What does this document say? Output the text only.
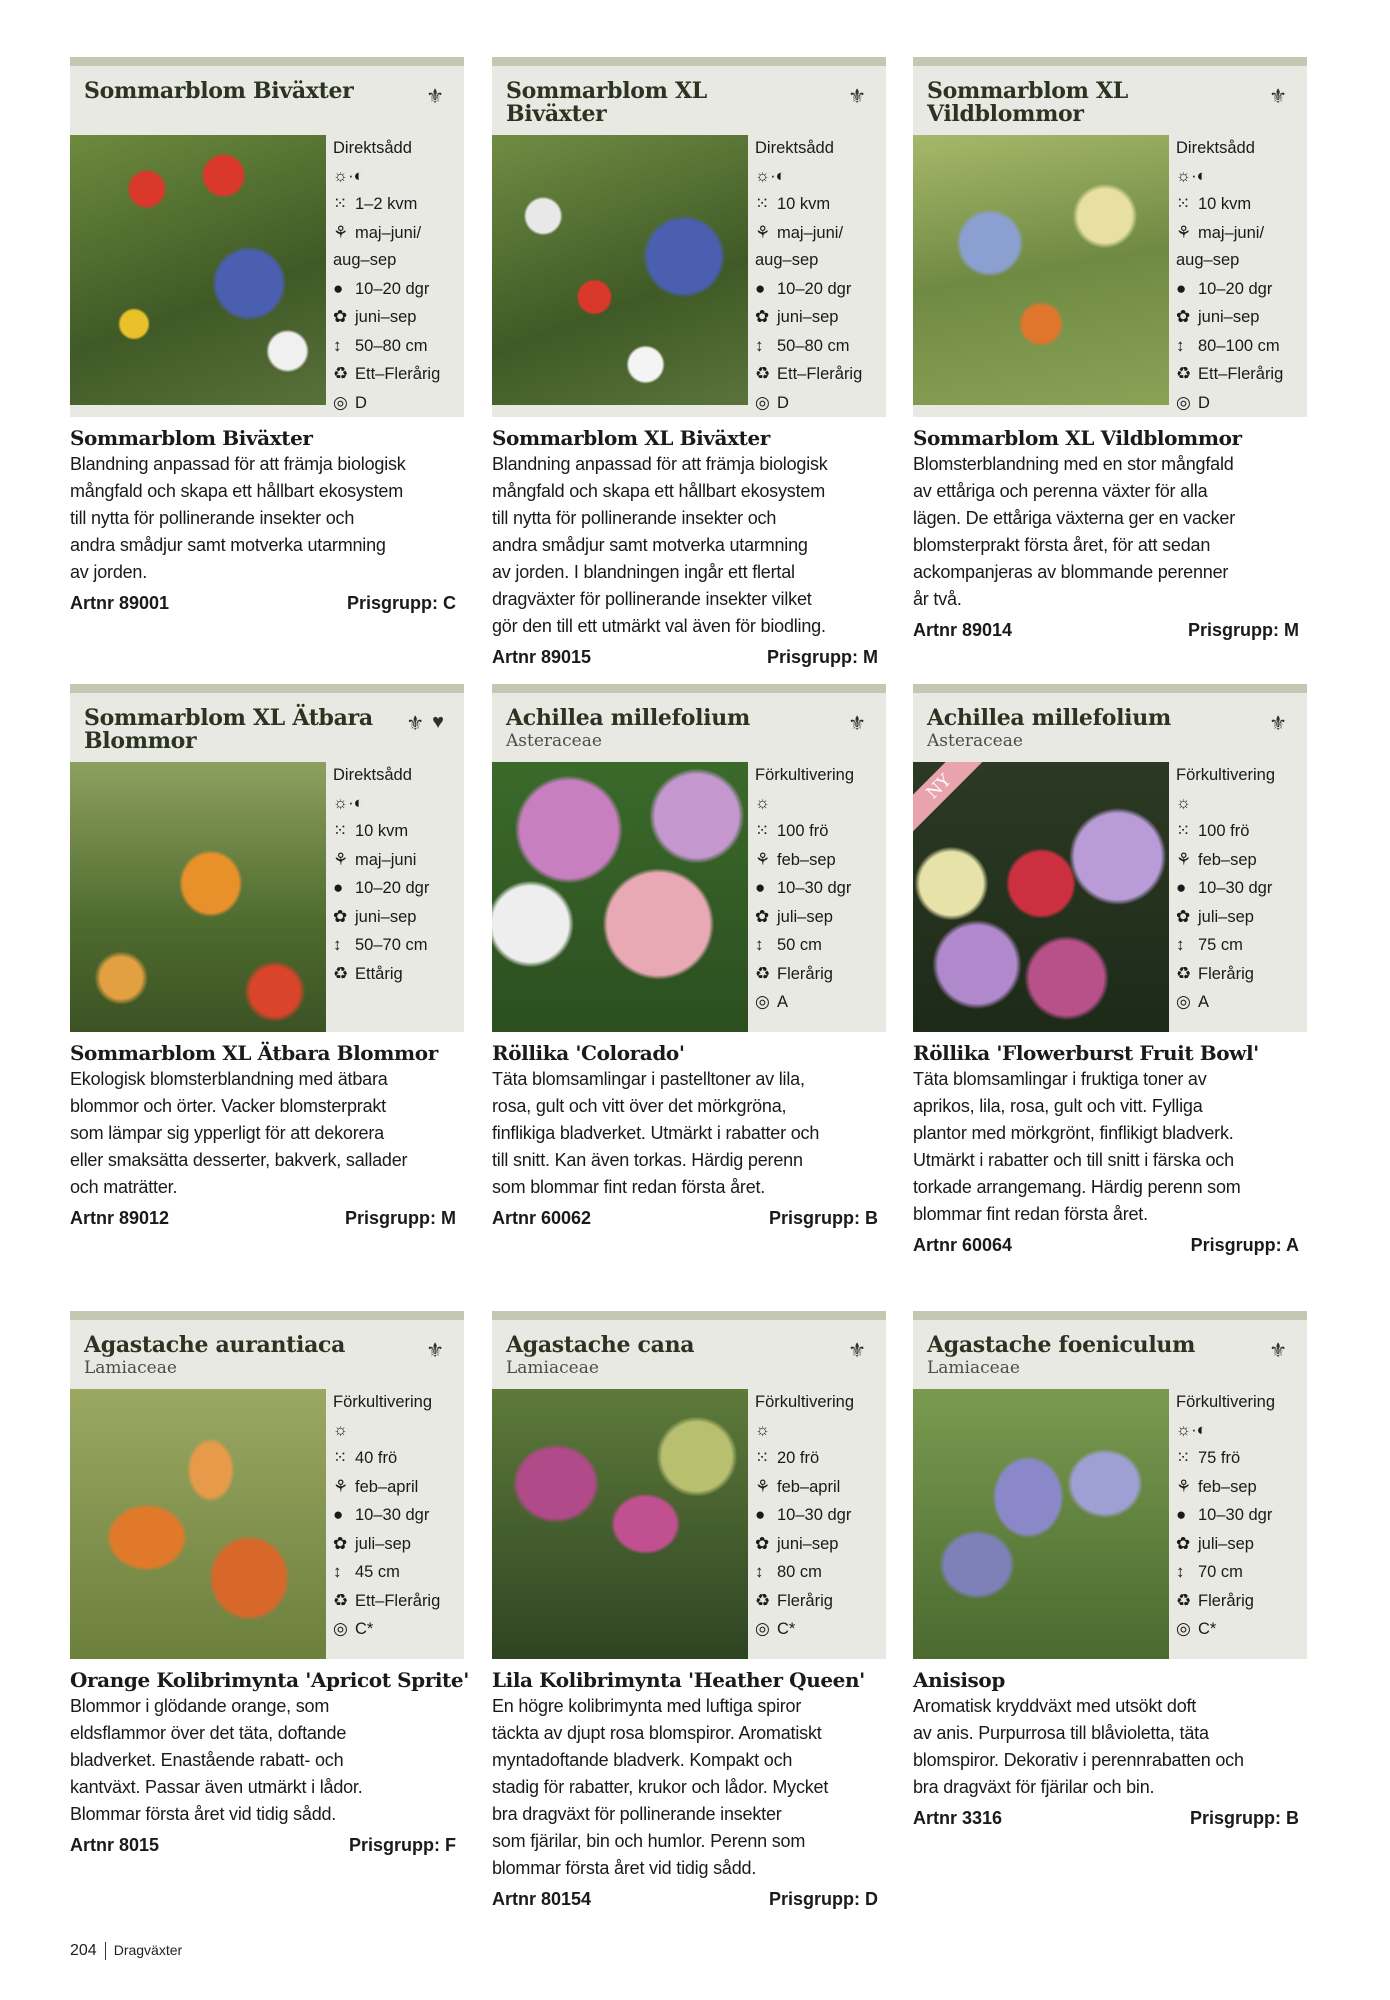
Sommarblom Biväxter	⚜
Direktsådd
☼·◐
⁙ 1–2 kvm
⚘ maj–juni/ aug–sep
● 10–20 dgr
✿ juni–sep
↕ 50–80 cm
♻ Ett–Flerårig
◎ D
Sommarblom Biväxter
Blandning anpassad för att främja biologisk
mångfald och skapa ett hållbart ekosystem
till nytta för pollinerande insekter och
andra smådjur samt motverka utarmning
av jorden.
Artnr 89001	Prisgrupp: C
Sommarblom XL Biväxter
⚜
Direktsådd
☼·◐
⁙ 10 kvm
⚘ maj–juni/ aug–sep
● 10–20 dgr
✿ juni–sep
↕ 50–80 cm
♻ Ett–Flerårig
◎ D
Sommarblom XL Biväxter
Blandning anpassad för att främja biologisk
mångfald och skapa ett hållbart ekosystem
till nytta för pollinerande insekter och
andra smådjur samt motverka utarmning
av jorden. I blandningen ingår ett flertal
dragväxter för pollinerande insekter vilket
gör den till ett utmärkt val även för biodling.
Artnr 89015	Prisgrupp: M
Sommarblom XL Vildblommor
⚜
Direktsådd
☼·◐
⁙ 10 kvm
⚘ maj–juni/ aug–sep
● 10–20 dgr
✿ juni–sep
↕ 80–100 cm
♻ Ett–Flerårig
◎ D
Sommarblom XL Vildblommor
Blomsterblandning med en stor mångfald
av ettåriga och perenna växter för alla
lägen. De ettåriga växterna ger en vacker
blomsterprakt första året, för att sedan
ackompanjeras av blommande perenner
år två.
Artnr 89014	Prisgrupp: M
Sommarblom XL Ätbara Blommor
⚜ ♥
Direktsådd
☼·◐
⁙ 10 kvm
⚘ maj–juni
● 10–20 dgr
✿ juni–sep
↕ 50–70 cm
♻ Ettårig
Sommarblom XL Ätbara Blommor
Ekologisk blomsterblandning med ätbara
blommor och örter. Vacker blomsterprakt
som lämpar sig ypperligt för att dekorera
eller smaksätta desserter, bakverk, sallader
och maträtter.
Artnr 89012	Prisgrupp: M
Achillea millefolium
Asteraceae
⚜
Förkultivering
☼
⁙ 100 frö
⚘ feb–sep
● 10–30 dgr
✿ juli–sep
↕ 50 cm
♻ Flerårig
◎ A
Röllika 'Colorado'
Täta blomsamlingar i pastelltoner av lila,
rosa, gult och vitt över det mörkgröna,
finflikiga bladverket. Utmärkt i rabatter och
till snitt. Kan även torkas. Härdig perenn
som blommar fint redan första året.
Artnr 60062	Prisgrupp: B
Achillea millefolium
Asteraceae
⚜
NY	Förkultivering
☼
⁙ 100 frö
⚘ feb–sep
● 10–30 dgr
✿ juli–sep
↕ 75 cm
♻ Flerårig
◎ A
Röllika 'Flowerburst Fruit Bowl'
Täta blomsamlingar i fruktiga toner av
aprikos, lila, rosa, gult och vitt. Fylliga
plantor med mörkgrönt, finflikigt bladverk.
Utmärkt i rabatter och till snitt i färska och
torkade arrangemang. Härdig perenn som
blommar fint redan första året.
Artnr 60064	Prisgrupp: A
Agastache aurantiaca
Lamiaceae
⚜
Förkultivering
☼
⁙ 40 frö
⚘ feb–april
● 10–30 dgr
✿ juli–sep
↕ 45 cm
♻ Ett–Flerårig
◎ C*
Orange Kolibrimynta 'Apricot Sprite'
Blommor i glödande orange, som
eldsflammor över det täta, doftande
bladverket. Enastående rabatt- och
kantväxt. Passar även utmärkt i lådor.
Blommar första året vid tidig sådd.
Artnr 8015	Prisgrupp: F
Agastache cana
Lamiaceae
⚜
Förkultivering
☼
⁙ 20 frö
⚘ feb–april
● 10–30 dgr
✿ juni–sep
↕ 80 cm
♻ Flerårig
◎ C*
Lila Kolibrimynta 'Heather Queen'
En högre kolibrimynta med luftiga spiror
täckta av djupt rosa blomspiror. Aromatiskt
myntadoftande bladverk. Kompakt och
stadig för rabatter, krukor och lådor. Mycket
bra dragväxt för pollinerande insekter
som fjärilar, bin och humlor. Perenn som
blommar första året vid tidig sådd.
Artnr 80154	Prisgrupp: D
Agastache foeniculum
Lamiaceae
⚜
Förkultivering
☼·◐
⁙ 75 frö
⚘ feb–sep
● 10–30 dgr
✿ juli–sep
↕ 70 cm
♻ Flerårig
◎ C*
Anisisop
Aromatisk kryddväxt med utsökt doft
av anis. Purpurrosa till blåvioletta, täta
blomspiror. Dekorativ i perennrabatten och
bra dragväxt för fjärilar och bin.
Artnr 3316	Prisgrupp: B
204 Dragväxter
